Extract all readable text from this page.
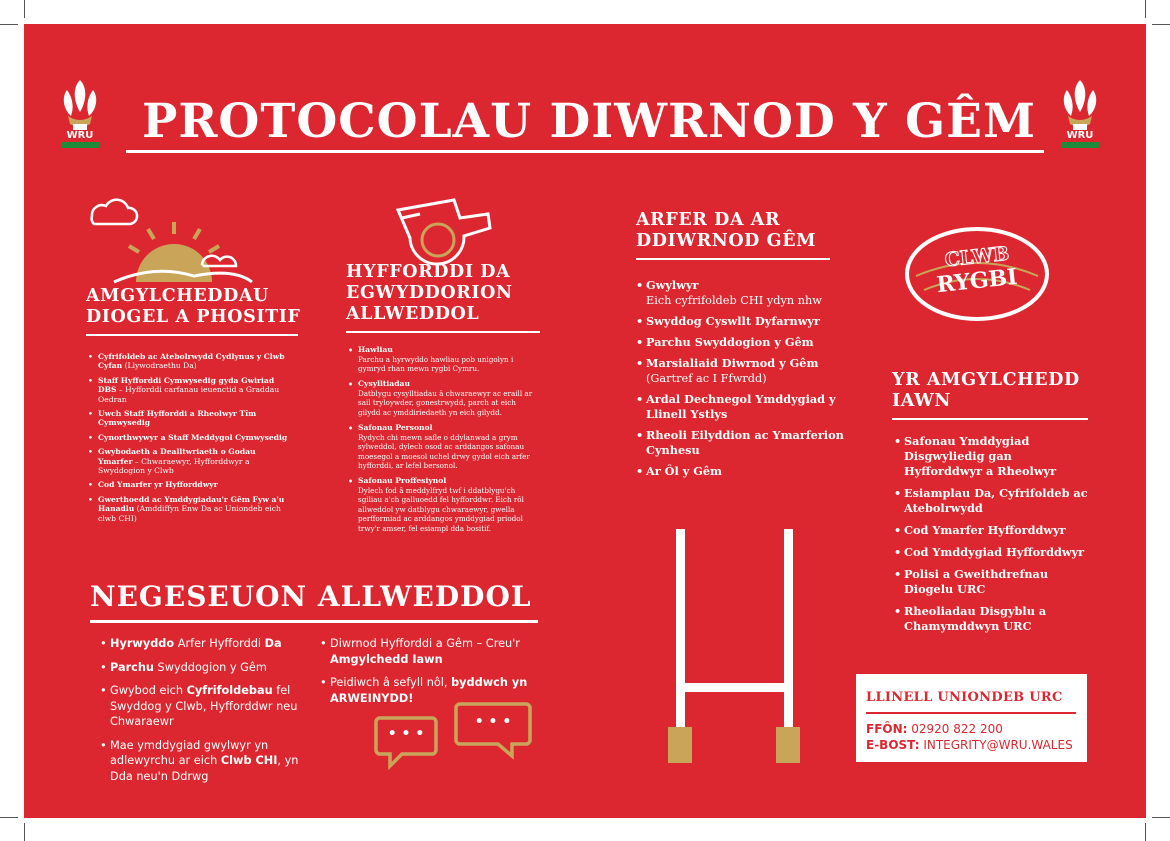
WRU	WRU
PROTOCOLAU DIWRNOD Y GÊM
AMGYLCHEDDAU
DIOGEL A PHOSITIF
• Cyfrifoldeb ac Atebolrwydd Cydlynus y Clwb Cyfan (Llywodraethu Da)
• Staff Hyfforddi Cymwysedig gyda Gwiriad DBS – Hyfforddi carfanau ieuenctid a Graddau Oedran
• Uwch Staff Hyfforddi a Rheolwyr Tîm Cymwysedig
• Cynorthwywyr a Staff Meddygol Cymwysedig
• Gwybodaeth a Dealltwriaeth o Godau Ymarfer – Chwaraewyr, Hyfforddwyr a Swyddogion y Clwb
• Cod Ymarfer yr Hyfforddwyr
• Gwerthoedd ac Ymddygiadau'r Gêm Fyw a'u Hanadlu (Amddiffyn Enw Da ac Uniondeb eich clwb CHI)
HYFFORDDI DA
EGWYDDORION
ALLWEDDOL
• Hawliau
Parchu a hyrwyddo hawliau pob unigolyn i gymryd rhan mewn rygbi Cymru.
• Cysylltiadau
Datblygu cysylltiadau â chwaraewyr ac eraill ar sail tryloywder, gonestrwydd, parch at eich gilydd ac ymddiriedaeth yn eich gilydd.
• Safonau Personol
Rydych chi mewn safle o ddylanwad a grym sylweddol, dylech osod ac arddangos safonau moesegol a moesol uchel drwy gydol eich arfer hyfforddi, ar lefel bersonol.
• Safonau Proffesiynol
Dylech fod â meddylfryd twf i ddatblygu'ch sgiliau a'ch galluoedd fel hyfforddwr. Eich rôl allweddol yw datblygu chwaraewyr, gwella perfformiad ac arddangos ymddygiad priodol trwy'r amser, fel esiampl dda bositif.
ARFER DA AR
DDIWRNOD GÊM
• Gwylwyr
Eich cyfrifoldeb CHI ydyn nhw
• Swyddog Cyswllt Dyfarnwyr
• Parchu Swyddogion y Gêm
• Marsialiaid Diwrnod y Gêm
(Gartref ac I Ffwrdd)
• Ardal Dechnegol Ymddygiad y Llinell Ystlys
• Rheoli Eilyddion ac Ymarferion Cynhesu
• Ar Ôl y Gêm
CLWB
RYGBI
YR AMGYLCHEDD
IAWN
• Safonau Ymddygiad Disgwyliedig gan Hyfforddwyr a Rheolwyr
• Esiamplau Da, Cyfrifoldeb ac Atebolrwydd
• Cod Ymarfer Hyfforddwyr
• Cod Ymddygiad Hyfforddwyr
• Polisi a Gweithdrefnau Diogelu URC
• Rheoliadau Disgyblu a Chamymddwyn URC
NEGESEUON ALLWEDDOL
• Hyrwyddo Arfer Hyfforddi Da
• Parchu Swyddogion y Gêm
• Gwybod eich Cyfrifoldebau fel Swyddog y Clwb, Hyfforddwr neu Chwaraewr
• Mae ymddygiad gwylwyr yn adlewyrchu ar eich Clwb CHI, yn Dda neu'n Ddrwg
• Diwrnod Hyfforddi a Gêm – Creu'r Amgylchedd Iawn
• Peidiwch â sefyll nôl, byddwch yn ARWEINYDD!
• • •
• • •
LLINELL UNIONDEB URC
FFÔN: 02920 822 200
E-BOST: INTEGRITY@WRU.WALES
